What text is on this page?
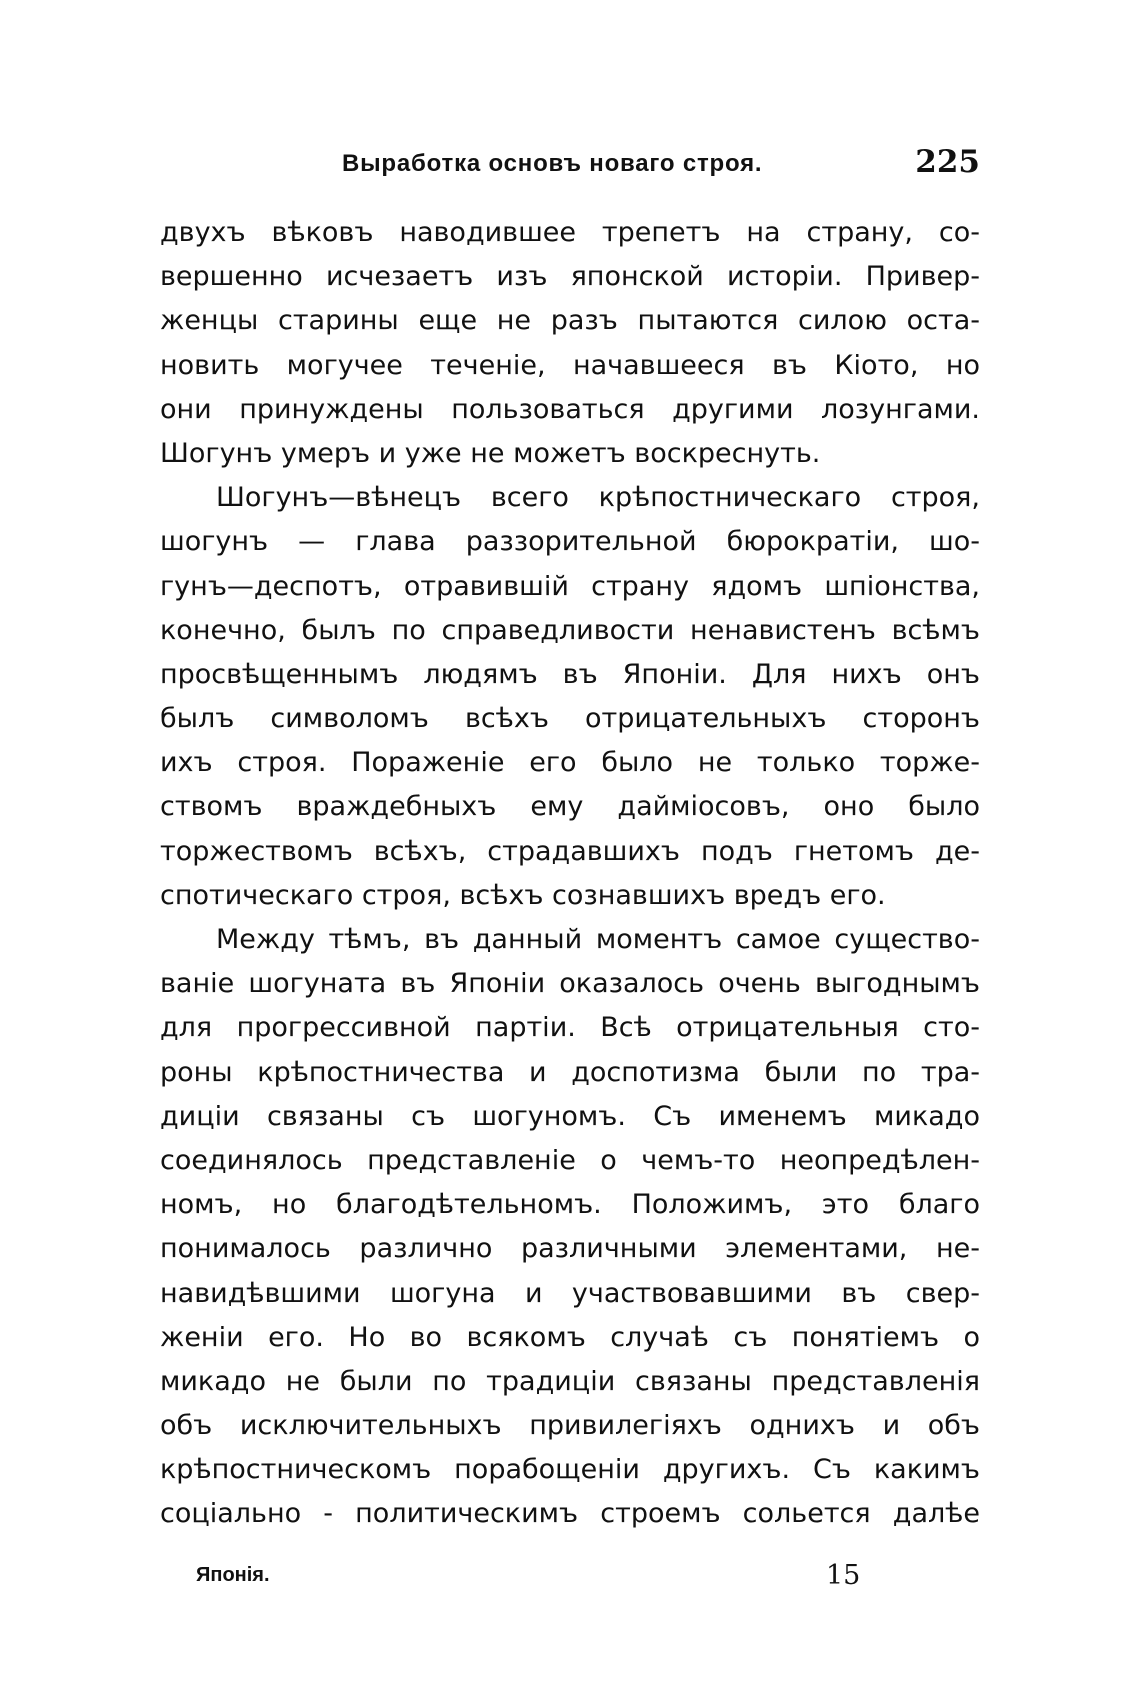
Выработка основъ новаго строя.	225
двухъ вѣковъ наводившее трепетъ на страну, со-
вершенно исчезаетъ изъ японской исторіи. Привер-
женцы старины еще не разъ пытаются силою оста-
новить могучее теченіе, начавшееся въ Кіото, но
они принуждены пользоваться другими лозунгами.
Шогунъ умеръ и уже не можетъ воскреснуть.
Шогунъ—вѣнецъ всего крѣпостническаго строя,
шогунъ — глава раззорительной бюрократіи, шо-
гунъ—деспотъ, отравившій страну ядомъ шпіонства,
конечно, былъ по справедливости ненавистенъ всѣмъ
просвѣщеннымъ людямъ въ Японіи. Для нихъ онъ
былъ символомъ всѣхъ отрицательныхъ сторонъ
ихъ строя. Пораженіе его было не только торже-
ствомъ враждебныхъ ему даймiосовъ, оно было
торжествомъ всѣхъ, страдавшихъ подъ гнетомъ де-
спотическаго строя, всѣхъ сознавшихъ вредъ его.
Между тѣмъ, въ данный моментъ самое существо-
ваніе шогуната въ Японіи оказалось очень выгоднымъ
для прогрессивной партіи. Всѣ отрицательныя сто-
роны крѣпостничества и доспотизма были по тра-
диціи связаны съ шогуномъ. Съ именемъ микадо
соединялось представленіе о чемъ-то неопредѣлен-
номъ, но благодѣтельномъ. Положимъ, это благо
понималось различно различными элементами, не-
навидѣвшими шогуна и участвовавшими въ свер-
женіи его. Но во всякомъ случаѣ съ понятіемъ о
микадо не были по традиціи связаны представленія
объ исключительныхъ привилегіяхъ однихъ и объ
крѣпостническомъ порабощеніи другихъ. Съ какимъ
соціально - политическимъ строемъ сольется далѣе
Японія.	15
